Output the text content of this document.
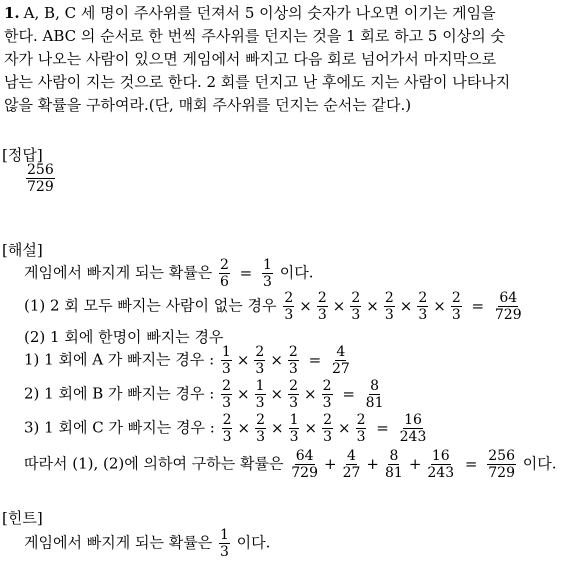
1. A, B, C 세 명이 주사위를 던져서 5 이상의 숫자가 나오면 이기는 게임을
한다. ABC 의 순서로 한 번씩 주사위를 던지는 것을 1 회로 하고 5 이상의 숫
자가 나오는 사람이 있으면 게임에서 빠지고 다음 회로 넘어가서 마지막으로
남는 사람이 지는 것으로 한다. 2 회를 던지고 난 후에도 지는 사람이 나타나지
않을 확률을 구하여라.(단, 매회 주사위를 던지는 순서는 같다.)
[정답]
$\frac{256}{729}$
[해설]
게임에서 빠지게 되는 확률은 $\frac{2}{6} = \frac{1}{3}$ 이다.
(1) 2 회 모두 빠지는 사람이 없는 경우 $\frac{2}{3} \times \frac{2}{3} \times \frac{2}{3} \times \frac{2}{3} \times \frac{2}{3} \times \frac{2}{3} = \frac{64}{729}$
(2) 1 회에 한명이 빠지는 경우
1) 1 회에 A 가 빠지는 경우 : $\frac{1}{3} \times \frac{2}{3} \times \frac{2}{3} = \frac{4}{27}$
2) 1 회에 B 가 빠지는 경우 : $\frac{2}{3} \times \frac{1}{3} \times \frac{2}{3} \times \frac{2}{3} = \frac{8}{81}$
3) 1 회에 C 가 빠지는 경우 : $\frac{2}{3} \times \frac{2}{3} \times \frac{1}{3} \times \frac{2}{3} \times \frac{2}{3} = \frac{16}{243}$
따라서 (1), (2)에 의하여 구하는 확률은 $\frac{64}{729} + \frac{4}{27} + \frac{8}{81} + \frac{16}{243} = \frac{256}{729}$ 이다.
[힌트]
게임에서 빠지게 되는 확률은 $\frac{1}{3}$ 이다.
